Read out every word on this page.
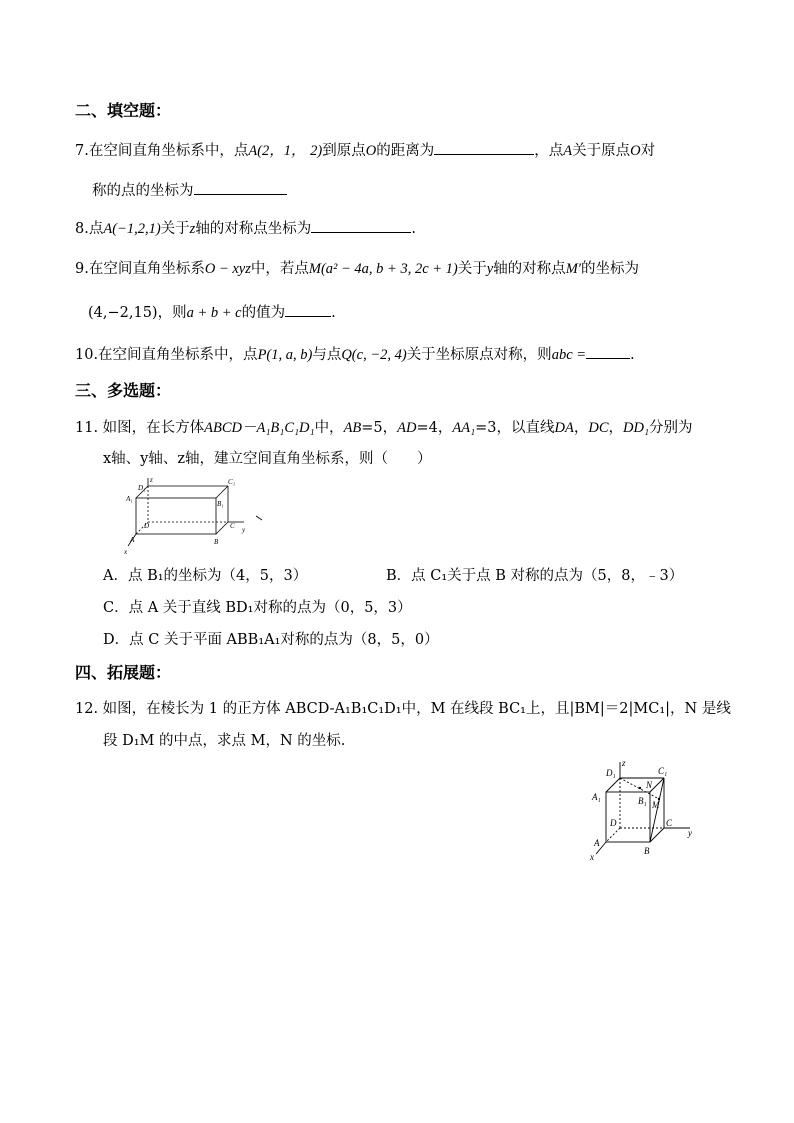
二、填空题：
7.在空间直角坐标系中，点A(2，1， 2)到原点O的距离为	，点A关于原点O对
称的点的坐标为
8.点A(−1,2,1)关于z轴的对称点坐标为	.
9.在空间直角坐标系O − xyz中，若点M(a² − 4a, b + 3, 2c + 1)关于y轴的对称点M′的坐标为
(4,−2,15)，则a + b + c的值为	.
10.在空间直角坐标系中，点P(1, a, b)与点Q(c, −2, 4)关于坐标原点对称，则abc =	.
三、多选题：
11. 如图，在长方体ABCD－A₁B₁C₁D₁中，AB=5，AD=4，AA₁=3，以直线DA，DC，DD₁分别为
x轴、y轴、z轴，建立空间直角坐标系，则（　　）
z
D₁
C₁
A₁
B₁
D	C y
A	B
x
A．点 B₁的坐标为（4，5，3）	B．点 C₁关于点 B 对称的点为（5，8，﹣3）
C．点 A 关于直线 BD₁对称的点为（0，5，3）
D．点 C 关于平面 ABB₁A₁对称的点为（8，5，0）
四、拓展题：
12. 如图，在棱长为 1 的正方体 ABCD-A₁B₁C₁D₁中，M 在线段 BC₁上，且|BM|＝2|MC₁|，N 是线
段 D₁M 的中点，求点 M，N 的坐标.
D₁
z
C₁
N
A₁	B₁ M
D	C
y
A
B
x
